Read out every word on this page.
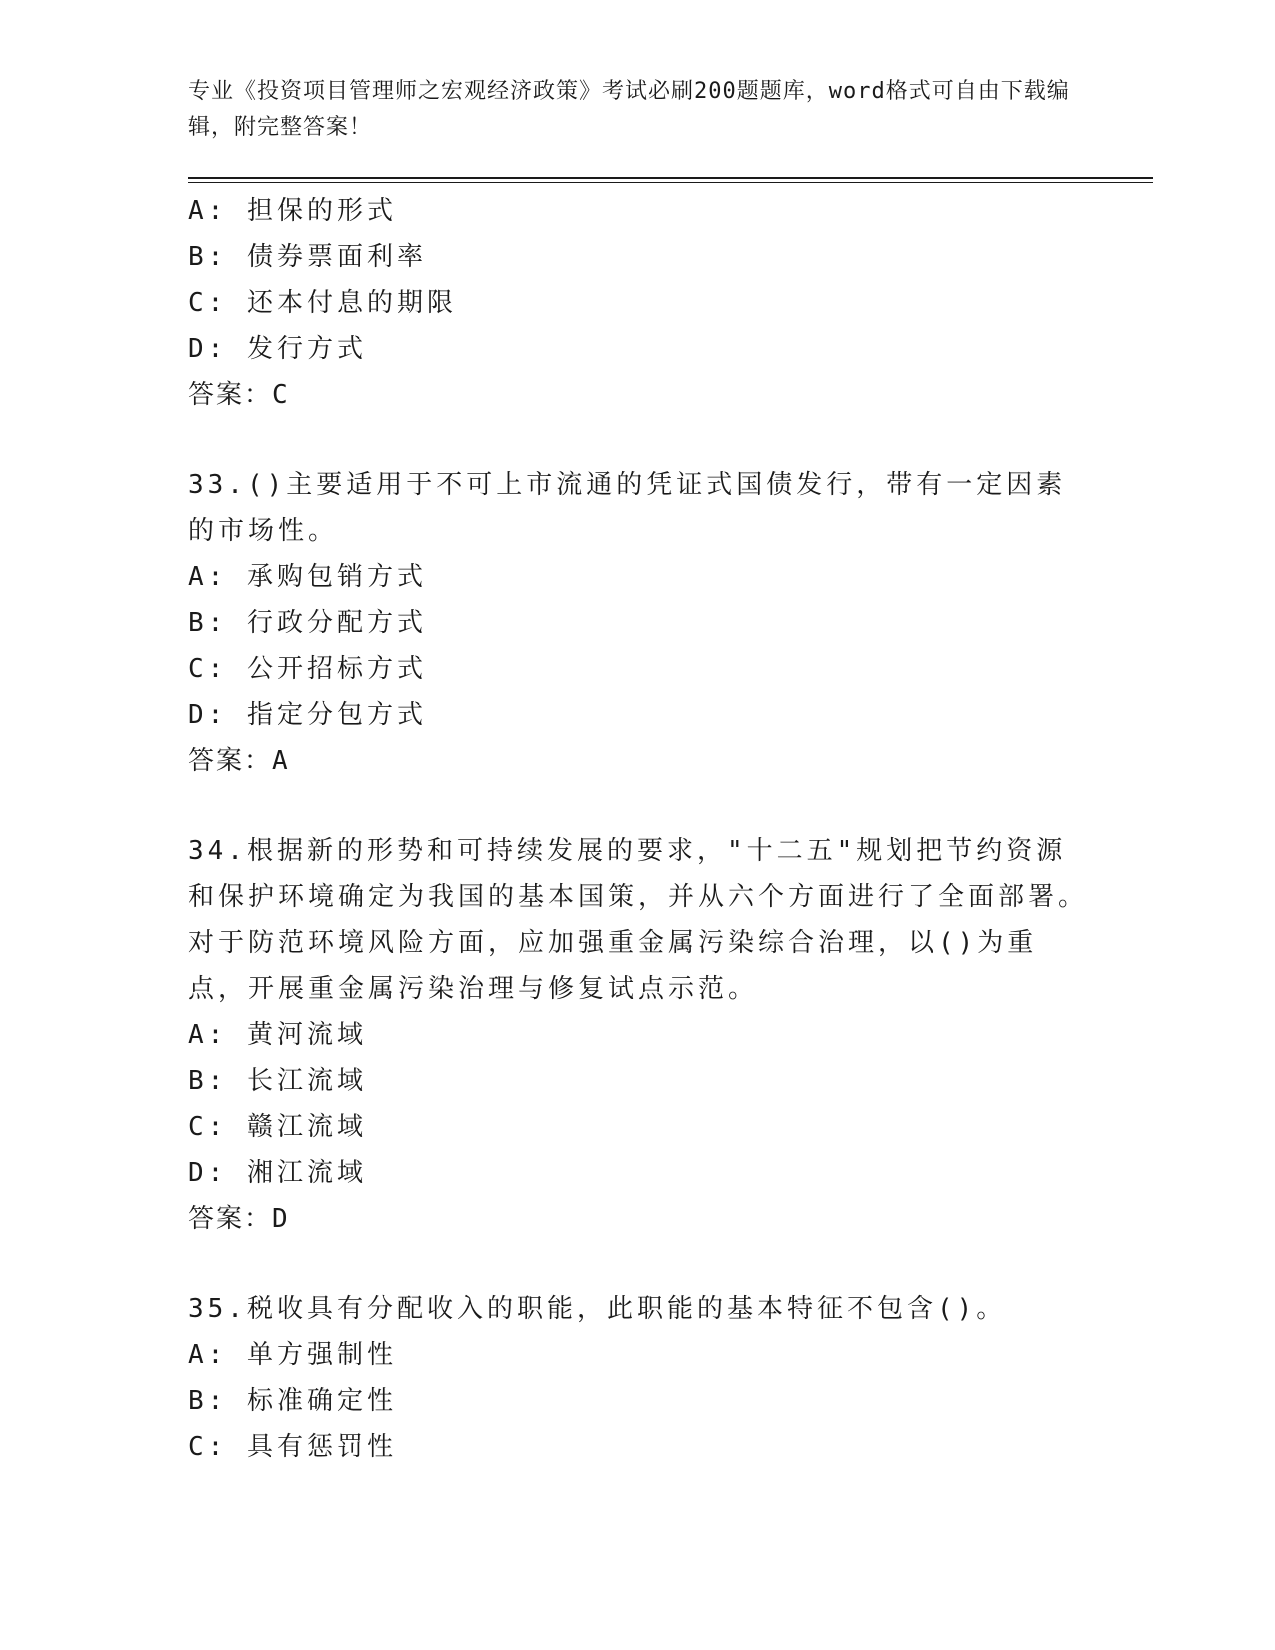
专业《投资项目管理师之宏观经济政策》考试必刷200题题库，word格式可自由下载编辑，附完整答案！
A: 担保的形式
B: 债券票面利率
C: 还本付息的期限
D: 发行方式
答案：C
33.()主要适用于不可上市流通的凭证式国债发行，带有一定因素的市场性。
A: 承购包销方式
B: 行政分配方式
C: 公开招标方式
D: 指定分包方式
答案：A
34.根据新的形势和可持续发展的要求，"十二五"规划把节约资源和保护环境确定为我国的基本国策，并从六个方面进行了全面部署。对于防范环境风险方面，应加强重金属污染综合治理，以()为重点，开展重金属污染治理与修复试点示范。
A: 黄河流域
B: 长江流域
C: 赣江流域
D: 湘江流域
答案：D
35.税收具有分配收入的职能，此职能的基本特征不包含()。
A: 单方强制性
B: 标准确定性
C: 具有惩罚性
